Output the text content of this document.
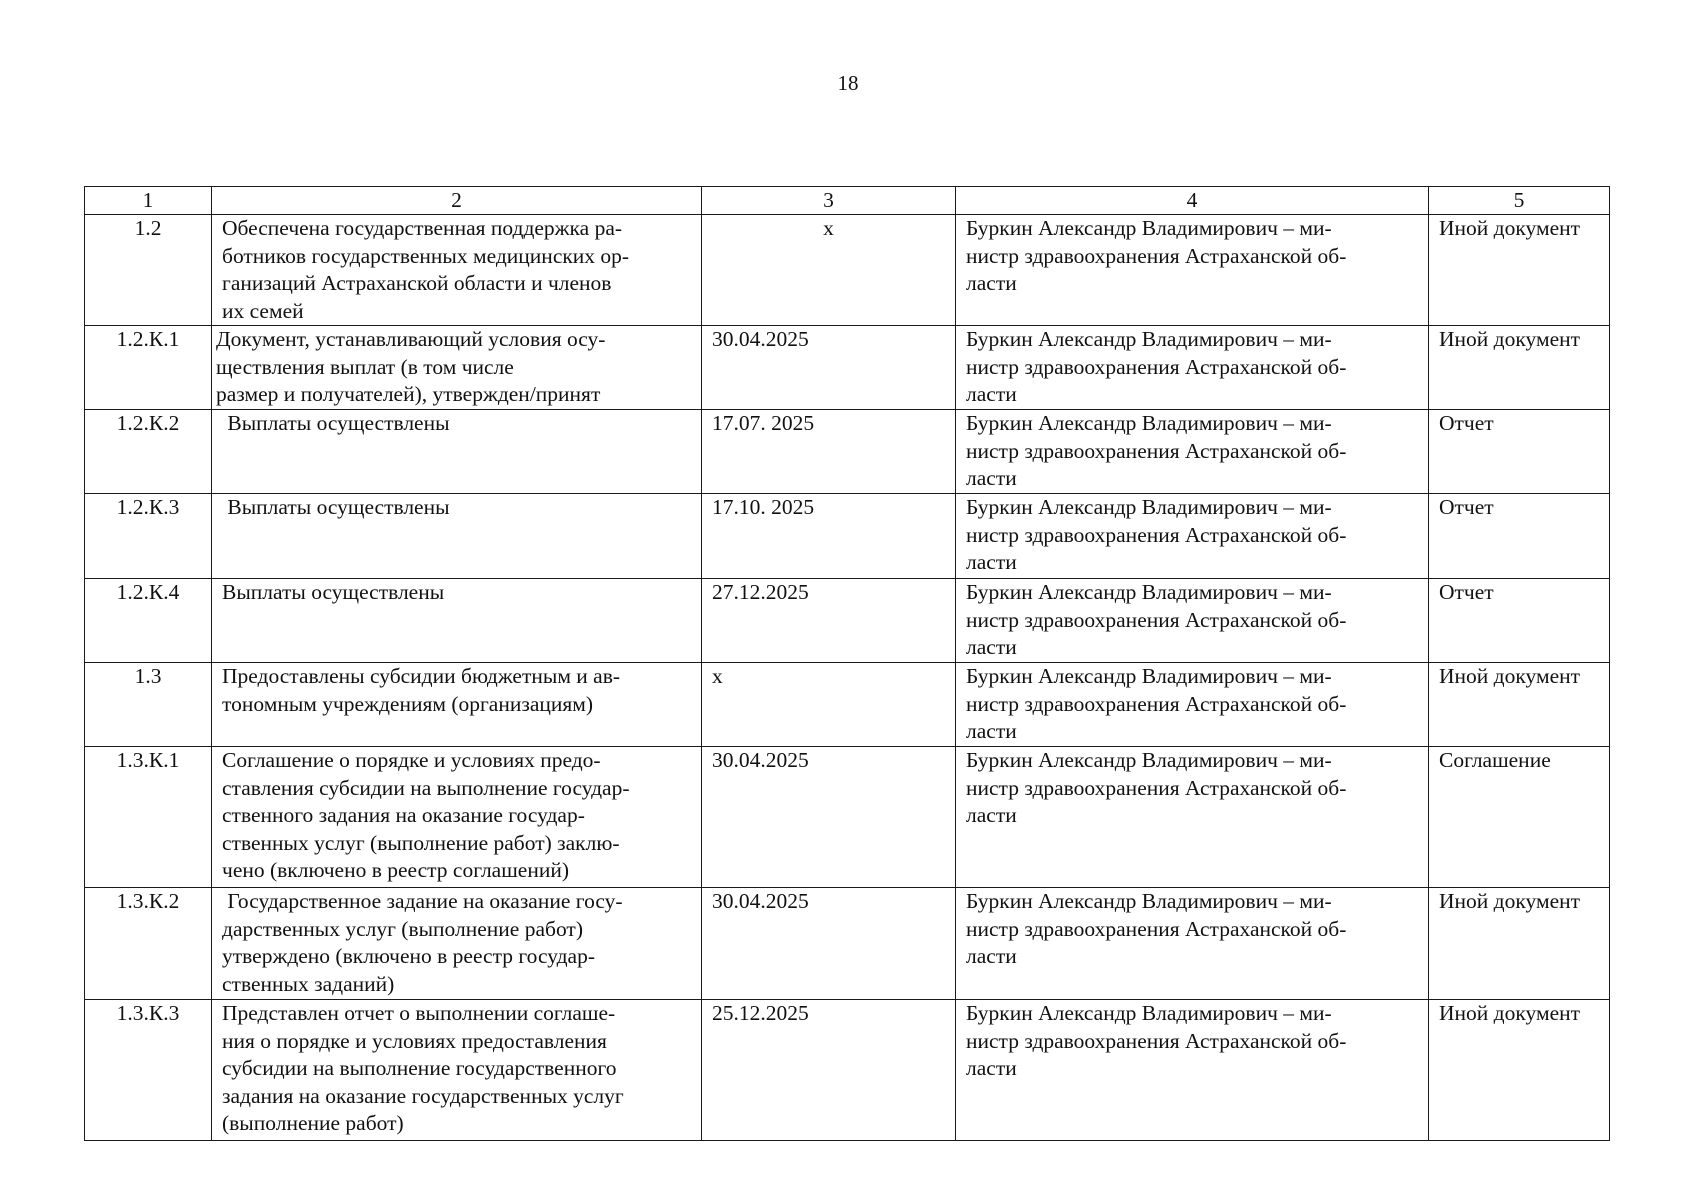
18
1	2	3	4	5
1.2	Обеспечена государственная поддержка ра-
ботников государственных медицинских ор-
ганизаций Астраханской области и членов
их семей	x	Буркин Александр Владимирович – ми-
нистр здравоохранения Астраханской об-
ласти	Иной документ
1.2.К.1	Документ, устанавливающий условия осу-
ществления выплат (в том числе
размер и получателей), утвержден/принят	30.04.2025	Буркин Александр Владимирович – ми-
нистр здравоохранения Астраханской об-
ласти	Иной документ
1.2.К.2	Выплаты осуществлены	17.07. 2025	Буркин Александр Владимирович – ми-
нистр здравоохранения Астраханской об-
ласти	Отчет
1.2.К.3	Выплаты осуществлены	17.10. 2025	Буркин Александр Владимирович – ми-
нистр здравоохранения Астраханской об-
ласти	Отчет
1.2.К.4	Выплаты осуществлены	27.12.2025	Буркин Александр Владимирович – ми-
нистр здравоохранения Астраханской об-
ласти	Отчет
1.3	Предоставлены субсидии бюджетным и ав-
тономным учреждениям (организациям)	x	Буркин Александр Владимирович – ми-
нистр здравоохранения Астраханской об-
ласти	Иной документ
1.3.К.1	Соглашение о порядке и условиях предо-
ставления субсидии на выполнение государ-
ственного задания на оказание государ-
ственных услуг (выполнение работ) заклю-
чено (включено в реестр соглашений)	30.04.2025	Буркин Александр Владимирович – ми-
нистр здравоохранения Астраханской об-
ласти	Соглашение
1.3.К.2	Государственное задание на оказание госу-
дарственных услуг (выполнение работ)
утверждено (включено в реестр государ-
ственных заданий)	30.04.2025	Буркин Александр Владимирович – ми-
нистр здравоохранения Астраханской об-
ласти	Иной документ
1.3.К.3	Представлен отчет о выполнении соглаше-
ния о порядке и условиях предоставления
субсидии на выполнение государственного
задания на оказание государственных услуг
(выполнение работ)	25.12.2025	Буркин Александр Владимирович – ми-
нистр здравоохранения Астраханской об-
ласти	Иной документ
